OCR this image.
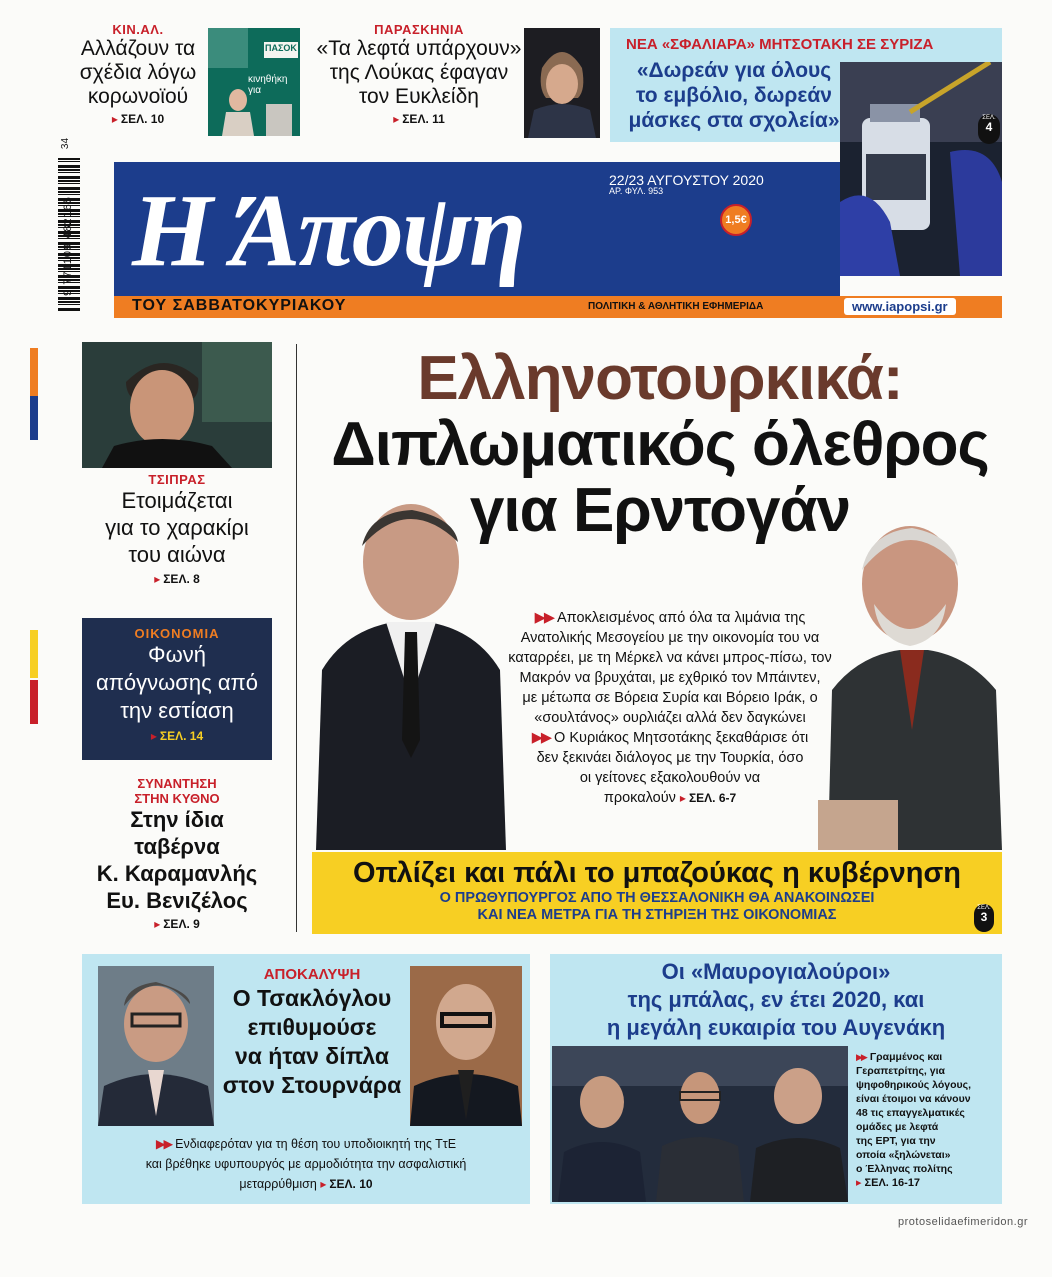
ΚΙΝ.ΑΛ.
Αλλάζουν τα
σχέδια λόγω
κορωνοϊού
▸ ΣΕΛ. 10
ΠΑΣΟΚ
κινηθήκη για
ΠΑΡΑΣΚΗΝΙΑ
«Τα λεφτά υπάρχουν»
της Λούκας έφαγαν
τον Ευκλείδη
▸ ΣΕΛ. 11
ΝΕΑ «ΣΦΑΛΙΑΡΑ» ΜΗΤΣΟΤΑΚΗ ΣΕ ΣΥΡΙΖΑ
«Δωρεάν για όλους
το εμβόλιο, δωρεάν
μάσκες στα σχολεία»	ΣΕΛ.
4
34
9 771109 482165 Η Άποψη	22/23 ΑΥΓΟΥΣΤΟΥ 2020
ΑΡ. ΦΥΛ. 953
1,5€
ΤΟΥ ΣΑΒΒΑΤΟΚΥΡΙΑΚΟΥ	ΠΟΛΙΤΙΚΗ & ΑΘΛΗΤΙΚΗ ΕΦΗΜΕΡΙΔΑ	www.iapopsi.gr
ΤΣΙΠΡΑΣ
Ετοιμάζεται
για το χαρακίρι
του αιώνα
▸ ΣΕΛ. 8
ΟΙΚΟΝΟΜΙΑ
Φωνή
απόγνωσης από
την εστίαση
▸ ΣΕΛ. 14
ΣΥΝΑΝΤΗΣΗ
ΣΤΗΝ ΚΥΘΝΟ
Στην ίδια
ταβέρνα
Κ. Καραμανλής
Ευ. Βενιζέλος
▸ ΣΕΛ. 9
Ελληνοτουρκικά:
Διπλωματικός όλεθρος
για Ερντογάν
▶▶ Αποκλεισμένος από όλα τα λιμάνια της
Ανατολικής Μεσογείου με την οικονομία του να
καταρρέει, με τη Μέρκελ να κάνει μπρος-πίσω, τον
Μακρόν να βρυχάται, με εχθρικό τον Μπάιντεν,
με μέτωπα σε Βόρεια Συρία και Βόρειο Ιράκ, ο
«σουλτάνος» ουρλιάζει αλλά δεν δαγκώνει
▶▶ Ο Κυριάκος Μητσοτάκης ξεκαθάρισε ότι
δεν ξεκινάει διάλογος με την Τουρκία, όσο
οι γείτονες εξακολουθούν να
προκαλούν ▸ ΣΕΛ. 6-7
Οπλίζει και πάλι το μπαζούκας η κυβέρνηση
Ο ΠΡΩΘΥΠΟΥΡΓΟΣ ΑΠΟ ΤΗ ΘΕΣΣΑΛΟΝΙΚΗ ΘΑ ΑΝΑΚΟΙΝΩΣΕΙ
ΚΑΙ ΝΕΑ ΜΕΤΡΑ ΓΙΑ ΤΗ ΣΤΗΡΙΞΗ ΤΗΣ ΟΙΚΟΝΟΜΙΑΣ	ΣΕΛ.
3
ΑΠΟΚΑΛΥΨΗ
Ο Τσακλόγλου
επιθυμούσε
να ήταν δίπλα
στον Στουρνάρα
▶▶ Ενδιαφερόταν για τη θέση του υποδιοικητή της ΤτΕ
και βρέθηκε υφυπουργός με αρμοδιότητα την ασφαλιστική
μεταρρύθμιση ▸ ΣΕΛ. 10
Οι «Μαυρογιαλούροι»
της μπάλας, εν έτει 2020, και
η μεγάλη ευκαιρία του Αυγενάκη
▶▶ Γραμμένος και
Γεραπετρίτης, για
ψηφοθηρικούς λόγους,
είναι έτοιμοι να κάνουν
48 τις επαγγελματικές
ομάδες με λεφτά
της ΕΡΤ, για την
οποία «ξηλώνεται»
ο Έλληνας πολίτης
▸ ΣΕΛ. 16-17
protoselidaefimeridon.gr
